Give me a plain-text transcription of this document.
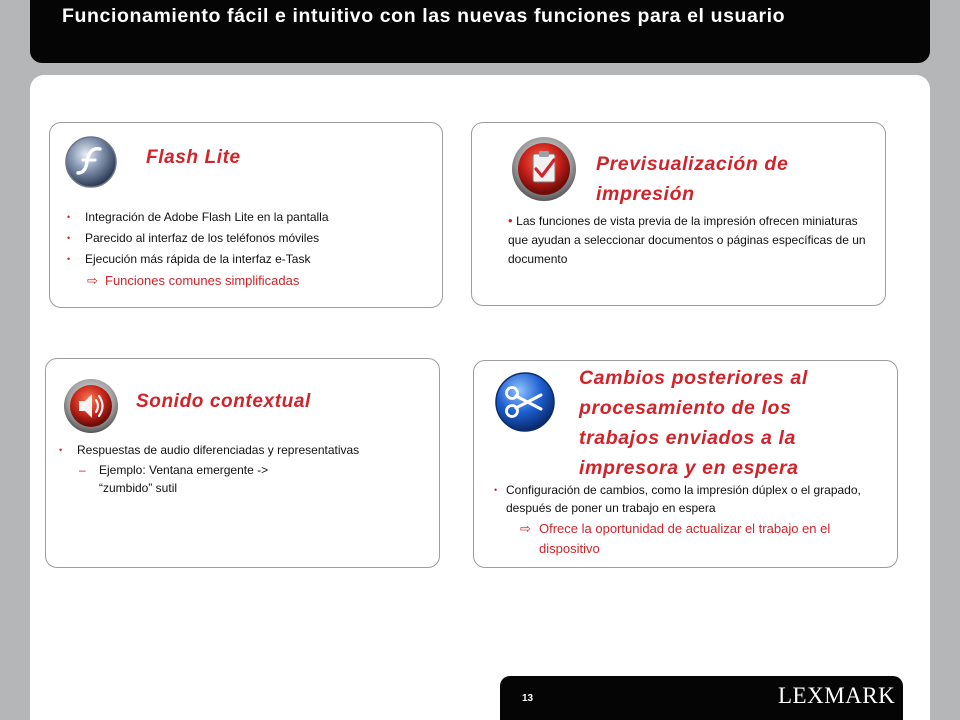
Funcionamiento fácil e intuitivo con las nuevas funciones para el usuario
Flash Lite
• Integración de Adobe Flash Lite en la pantalla
• Parecido al interfaz de los teléfonos móviles
• Ejecución más rápida de la interfaz e-Task
⇨ Funciones comunes simplificadas
Previsualización de impresión
• Las funciones de vista previa de la impresión ofrecen miniaturas que ayudan a seleccionar documentos o páginas específicas de un documento
Sonido contextual
• Respuestas de audio diferenciadas y representativas
– Ejemplo: Ventana emergente -> “zumbido” sutil
Cambios posteriores al procesamiento de los trabajos enviados a la impresora y en espera
• Configuración de cambios, como la impresión dúplex o el grapado, después de poner un trabajo en espera
⇨ Ofrece la oportunidad de actualizar el trabajo en el dispositivo
13	LEXMARK
